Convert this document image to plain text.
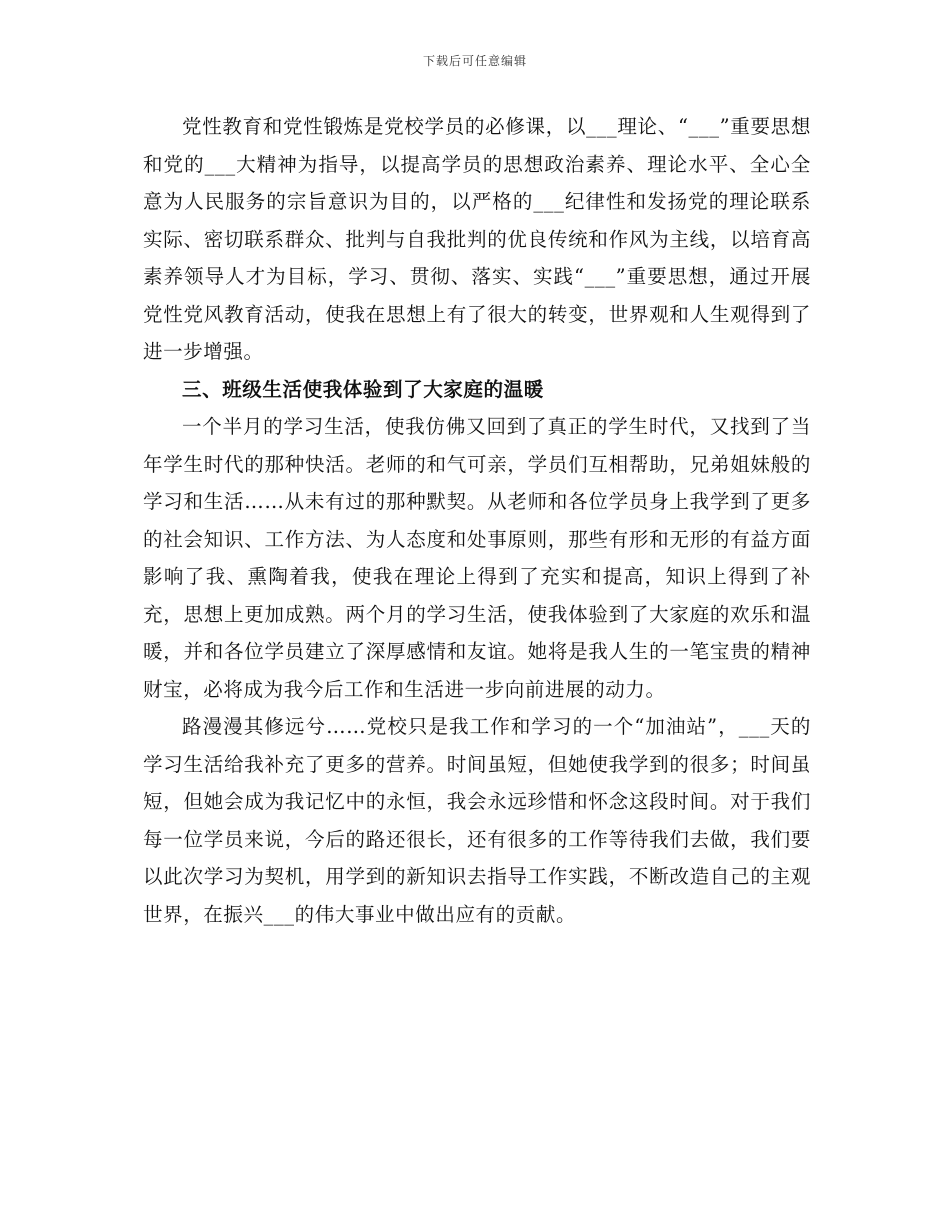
下载后可任意编辑

党性教育和党性锻炼是党校学员的必修课，以___理论、“___”重要思想和党的___大精神为指导，以提高学员的思想政治素养、理论水平、全心全意为人民服务的宗旨意识为目的，以严格的___纪律性和发扬党的理论联系实际、密切联系群众、批判与自我批判的优良传统和作风为主线，以培育高素养领导人才为目标，学习、贯彻、落实、实践“___”重要思想，通过开展党性党风教育活动，使我在思想上有了很大的转变，世界观和人生观得到了进一步增强。

三、班级生活使我体验到了大家庭的温暖

一个半月的学习生活，使我仿佛又回到了真正的学生时代，又找到了当年学生时代的那种快活。老师的和气可亲，学员们互相帮助，兄弟姐妹般的学习和生活……从未有过的那种默契。从老师和各位学员身上我学到了更多的社会知识、工作方法、为人态度和处事原则，那些有形和无形的有益方面影响了我、熏陶着我，使我在理论上得到了充实和提高，知识上得到了补充，思想上更加成熟。两个月的学习生活，使我体验到了大家庭的欢乐和温暖，并和各位学员建立了深厚感情和友谊。她将是我人生的一笔宝贵的精神财宝，必将成为我今后工作和生活进一步向前进展的动力。

路漫漫其修远兮……党校只是我工作和学习的一个“加油站”，___天的学习生活给我补充了更多的营养。时间虽短，但她使我学到的很多；时间虽短，但她会成为我记忆中的永恒，我会永远珍惜和怀念这段时间。对于我们每一位学员来说，今后的路还很长，还有很多的工作等待我们去做，我们要以此次学习为契机，用学到的新知识去指导工作实践，不断改造自己的主观世界，在振兴___的伟大事业中做出应有的贡献。
